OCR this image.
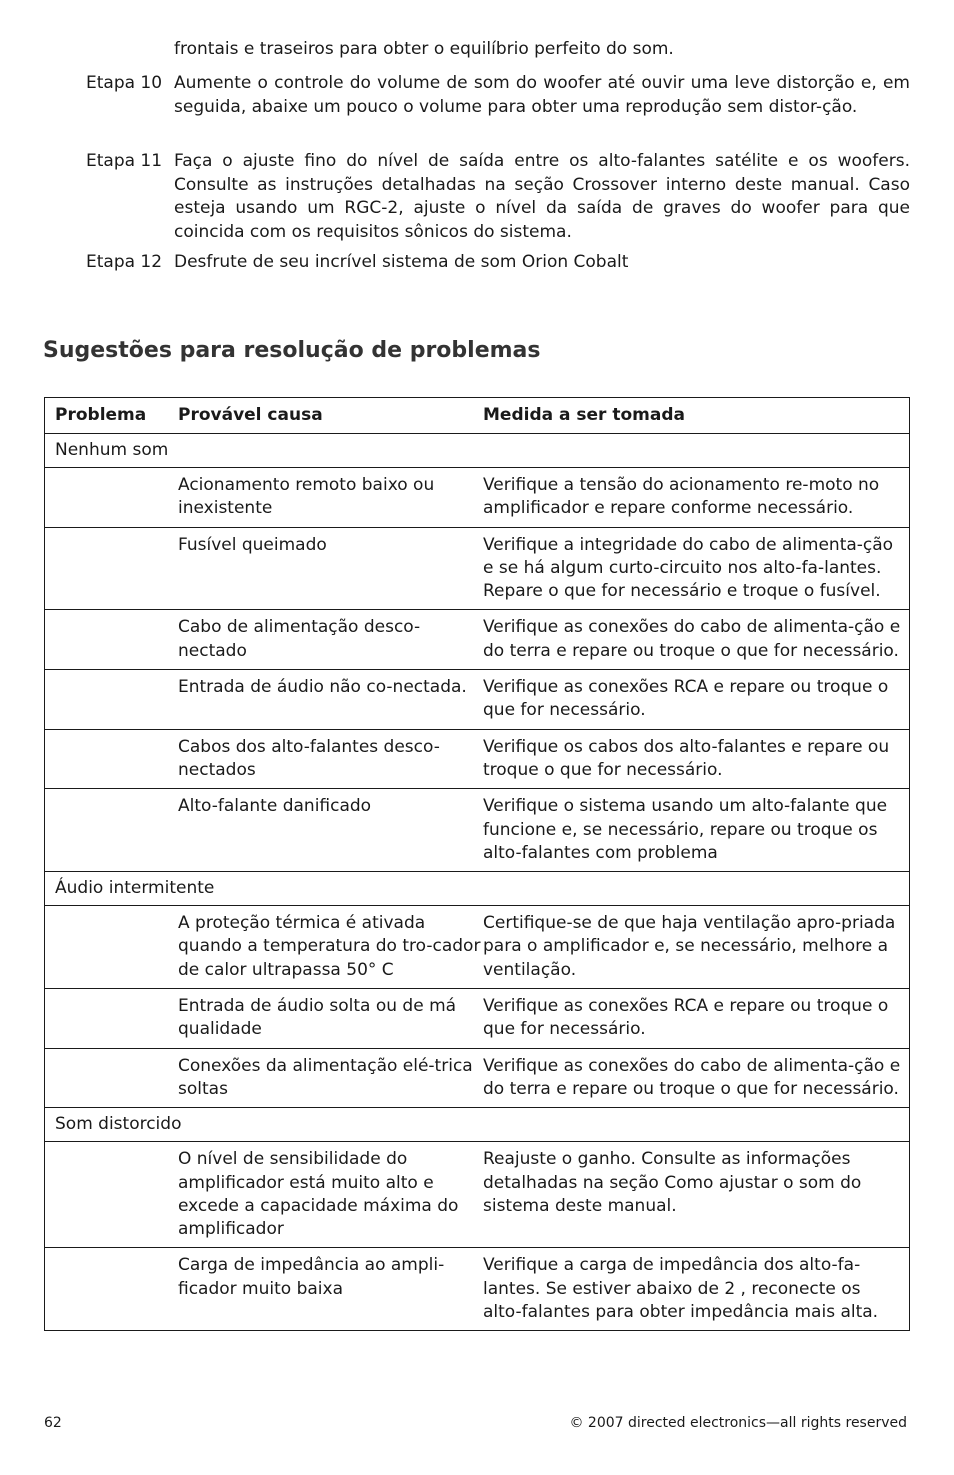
frontais e traseiros para obter o equilíbrio perfeito do som.

Etapa 10 Aumente o controle do volume de som do woofer até ouvir uma leve distorção e, em seguida, abaixe um pouco o volume para obter uma reprodução sem distor-ção.

Etapa 11 Faça o ajuste fino do nível de saída entre os alto-falantes satélite e os woofers. Consulte as instruções detalhadas na seção Crossover interno deste manual. Caso esteja usando um RGC-2, ajuste o nível da saída de graves do woofer para que coincida com os requisitos sônicos do sistema.

Etapa 12 Desfrute de seu incrível sistema de som Orion Cobalt

Sugestões para resolução de problemas
Problema	Provável causa	Medida a ser tomada
Nenhum som		
	Acionamento remoto baixo ou inexistente	Verifique a tensão do acionamento re-moto no amplificador e repare conforme necessário.
	Fusível queimado	Verifique a integridade do cabo de alimenta-ção e se há algum curto-circuito nos alto-fa-lantes. Repare o que for necessário e troque o fusível.
	Cabo de alimentação desco-nectado	Verifique as conexões do cabo de alimenta-ção e do terra e repare ou troque o que for necessário.
	Entrada de áudio não co-nectada.	Verifique as conexões RCA e repare ou troque o que for necessário.
	Cabos dos alto-falantes desco-nectados	Verifique os cabos dos alto-falantes e repare ou troque o que for necessário.
	Alto-falante danificado	Verifique o sistema usando um alto-falante que funcione e, se necessário, repare ou troque os alto-falantes com problema
Áudio intermitente		
	A proteção térmica é ativada quando a temperatura do tro-cador de calor ultrapassa 50° C	Certifique-se de que haja ventilação apro-priada para o amplificador e, se necessário, melhore a ventilação.
	Entrada de áudio solta ou de má qualidade	Verifique as conexões RCA e repare ou troque o que for necessário.
	Conexões da alimentação elé-trica soltas	Verifique as conexões do cabo de alimenta-ção e do terra e repare ou troque o que for necessário.
Som distorcido		
	O nível de sensibilidade do amplificador está muito alto e excede a capacidade máxima do amplificador	Reajuste o ganho. Consulte as informações detalhadas na seção Como ajustar o som do sistema deste manual.
	Carga de impedância ao ampli-ficador muito baixa	Verifique a carga de impedância dos alto-fa-lantes. Se estiver abaixo de 2 , reconecte os alto-falantes para obter impedância mais alta.
62	© 2007 directed electronics—all rights reserved
